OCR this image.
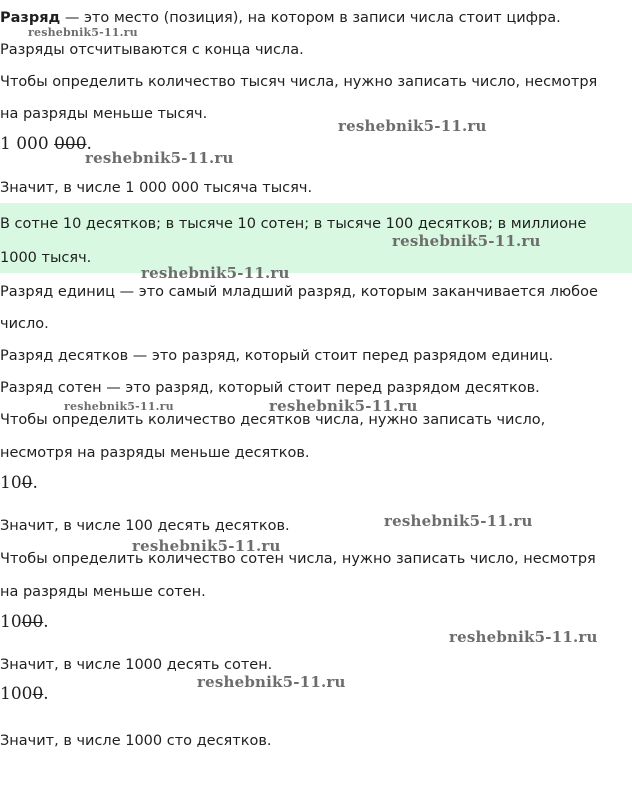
Разряд — это место (позиция), на котором в записи числа стоит цифра.
Разряды отсчитываются с конца числа.
Чтобы определить количество тысяч числа, нужно записать число, несмотря
на разряды меньше тысяч.
1 000 000.
Значит, в числе 1 000 000 тысяча тысяч.
В сотне 10 десятков; в тысяче 10 сотен; в тысяче 100 десятков; в миллионе
1000 тысяч.
Разряд единиц — это самый младший разряд, которым заканчивается любое
число.
Разряд десятков — это разряд, который стоит перед разрядом единиц.
Разряд сотен — это разряд, который стоит перед разрядом десятков.
Чтобы определить количество десятков числа, нужно записать число,
несмотря на разряды меньше десятков.
100.
Значит, в числе 100 десять десятков.
Чтобы определить количество сотен числа, нужно записать число, несмотря
на разряды меньше сотен.
1000.
Значит, в числе 1000 десять сотен.
1000.
Значит, в числе 1000 сто десятков.
reshebnik5-11.ru
reshebnik5-11.ru
reshebnik5-11.ru
reshebnik5-11.ru
reshebnik5-11.ru
reshebnik5-11.ru	reshebnik5-11.ru
reshebnik5-11.ru
reshebnik5-11.ru
reshebnik5-11.ru
reshebnik5-11.ru
